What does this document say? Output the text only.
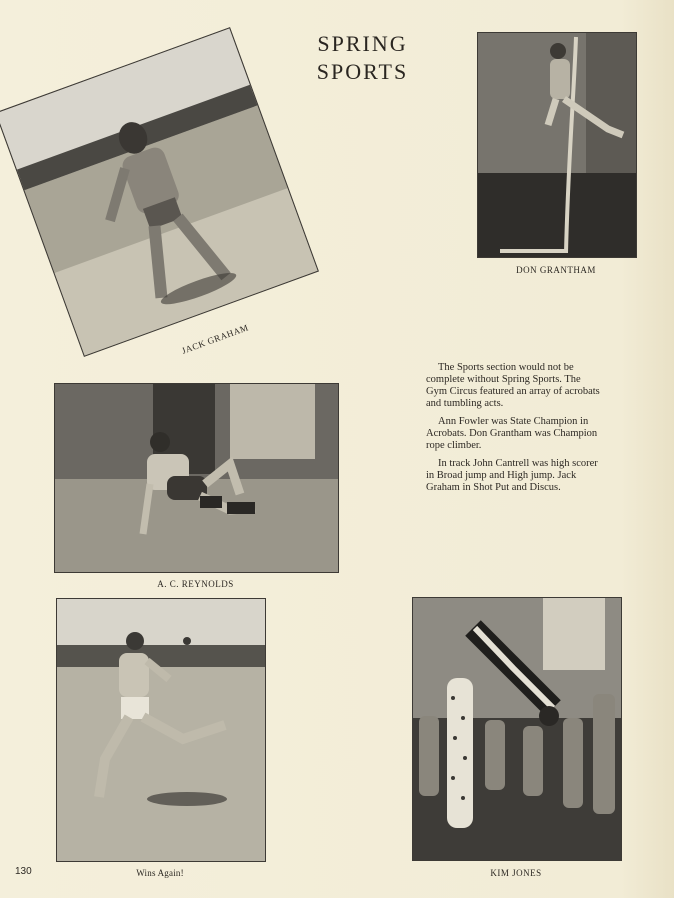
SPRING
SPORTS
JACK GRAHAM
DON GRANTHAM
A. C. REYNOLDS

The Sports section would not be complete without Spring Sports. The Gym Circus featured an array of acrobats and tumbling acts.

Ann Fowler was State Champion in Acrobats. Don Grantham was Champion rope climber.

In track John Cantrell was high scorer in Broad jump and High jump. Jack Graham in Shot Put and Discus.

Wins Again!	KIM JONES
130
